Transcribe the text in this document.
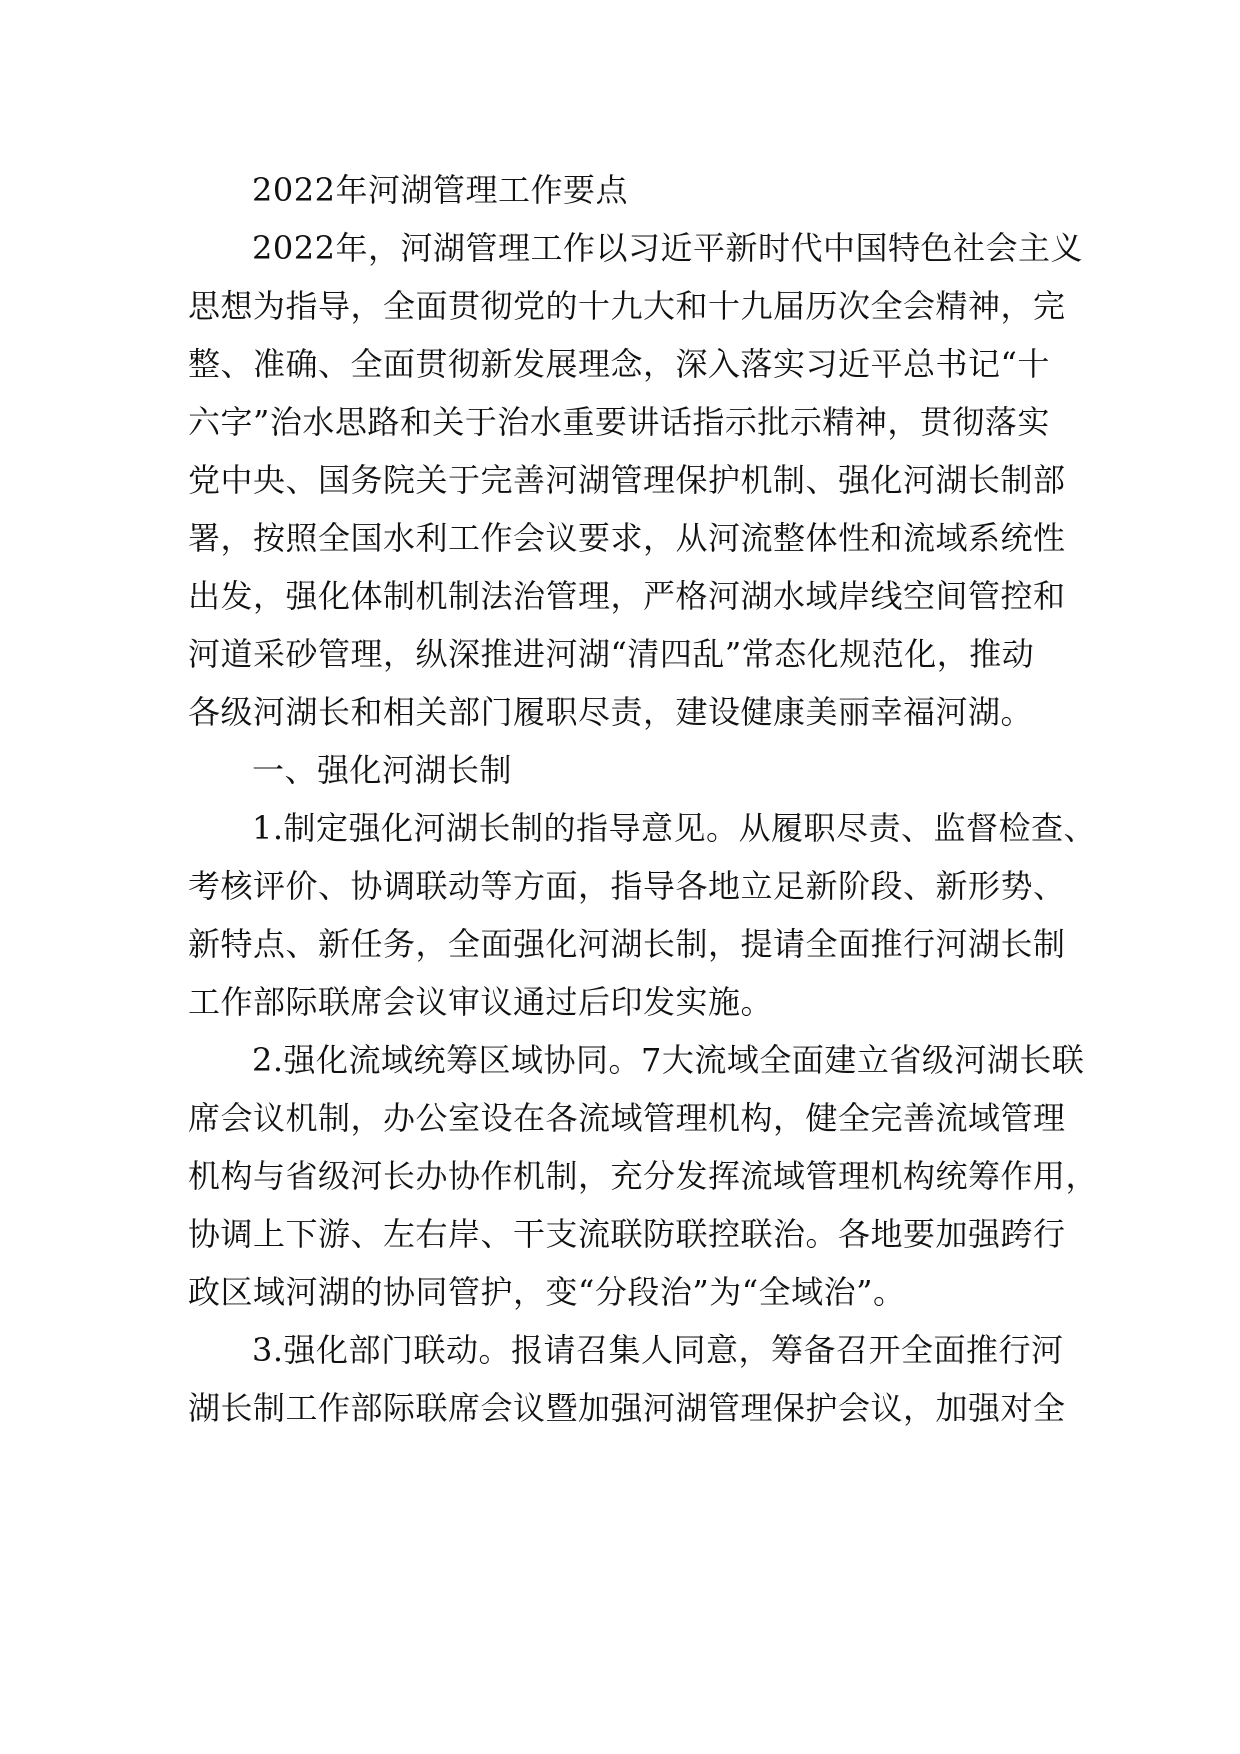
2022年河湖管理工作要点
2022年，河湖管理工作以习近平新时代中国特色社会主义
思想为指导，全面贯彻党的十九大和十九届历次全会精神，完
整、准确、全面贯彻新发展理念，深入落实习近平总书记“十
六字”治水思路和关于治水重要讲话指示批示精神，贯彻落实
党中央、国务院关于完善河湖管理保护机制、强化河湖长制部
署，按照全国水利工作会议要求，从河流整体性和流域系统性
出发，强化体制机制法治管理，严格河湖水域岸线空间管控和
河道采砂管理，纵深推进河湖“清四乱”常态化规范化，推动
各级河湖长和相关部门履职尽责，建设健康美丽幸福河湖。
一、强化河湖长制
1.制定强化河湖长制的指导意见。从履职尽责、监督检查、
考核评价、协调联动等方面，指导各地立足新阶段、新形势、
新特点、新任务，全面强化河湖长制，提请全面推行河湖长制
工作部际联席会议审议通过后印发实施。
2.强化流域统筹区域协同。7大流域全面建立省级河湖长联
席会议机制，办公室设在各流域管理机构，健全完善流域管理
机构与省级河长办协作机制，充分发挥流域管理机构统筹作用，
协调上下游、左右岸、干支流联防联控联治。各地要加强跨行
政区域河湖的协同管护，变“分段治”为“全域治”。
3.强化部门联动。报请召集人同意，筹备召开全面推行河
湖长制工作部际联席会议暨加强河湖管理保护会议，加强对全
